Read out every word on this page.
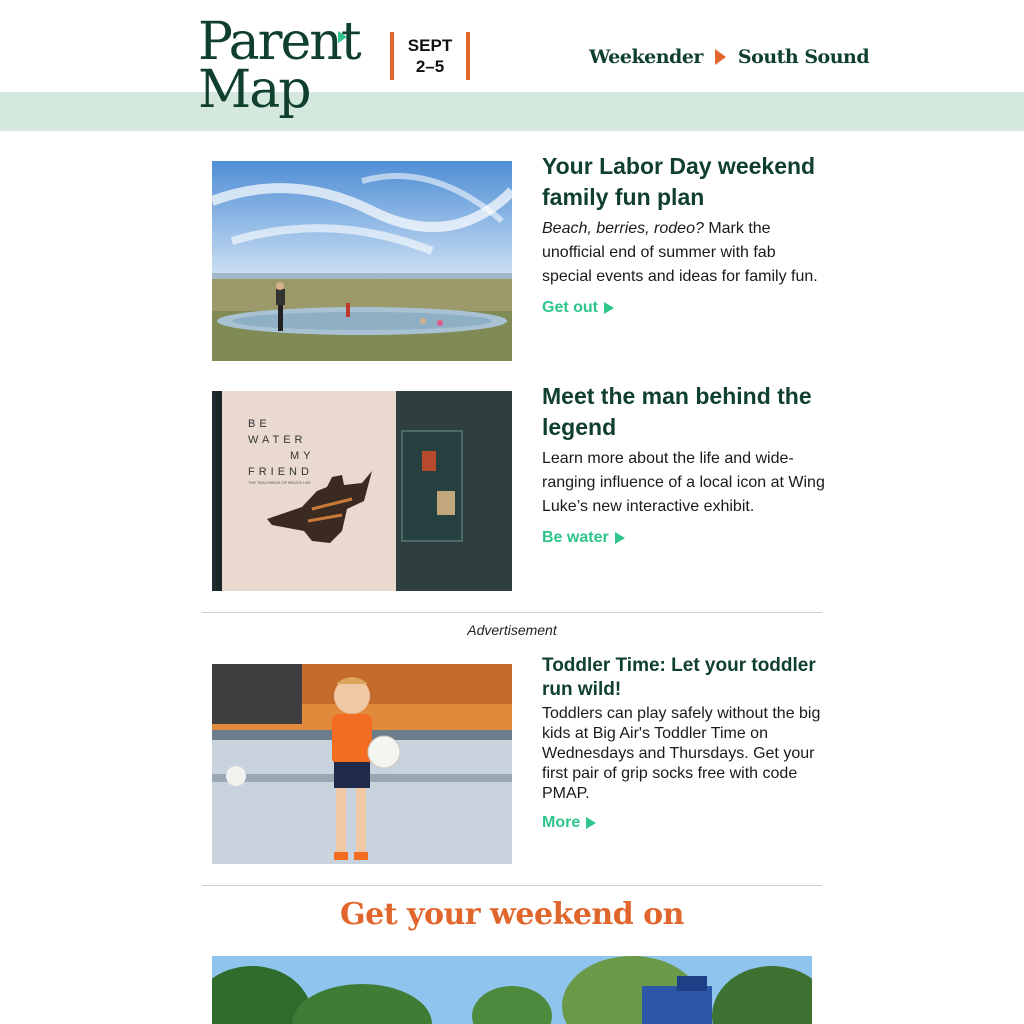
Parent
Map
SEPT
2–5	Weekender South Sound
Your Labor Day weekend family fun plan

Beach, berries, rodeo? Mark the unofficial end of summer with fab special events and ideas for family fun.

Get out
BE
WATER
MY
FRIEND
THE TEACHINGS OF BRUCE LEE
Meet the man behind the legend

Learn more about the life and wide-ranging influence of a local icon at Wing Luke’s new interactive exhibit.

Be water
Advertisement
Toddler Time: Let your toddler run wild!

Toddlers can play safely without the big kids at Big Air's Toddler Time on Wednesdays and Thursdays. Get your first pair of grip socks free with code PMAP.

More
Get your weekend on
